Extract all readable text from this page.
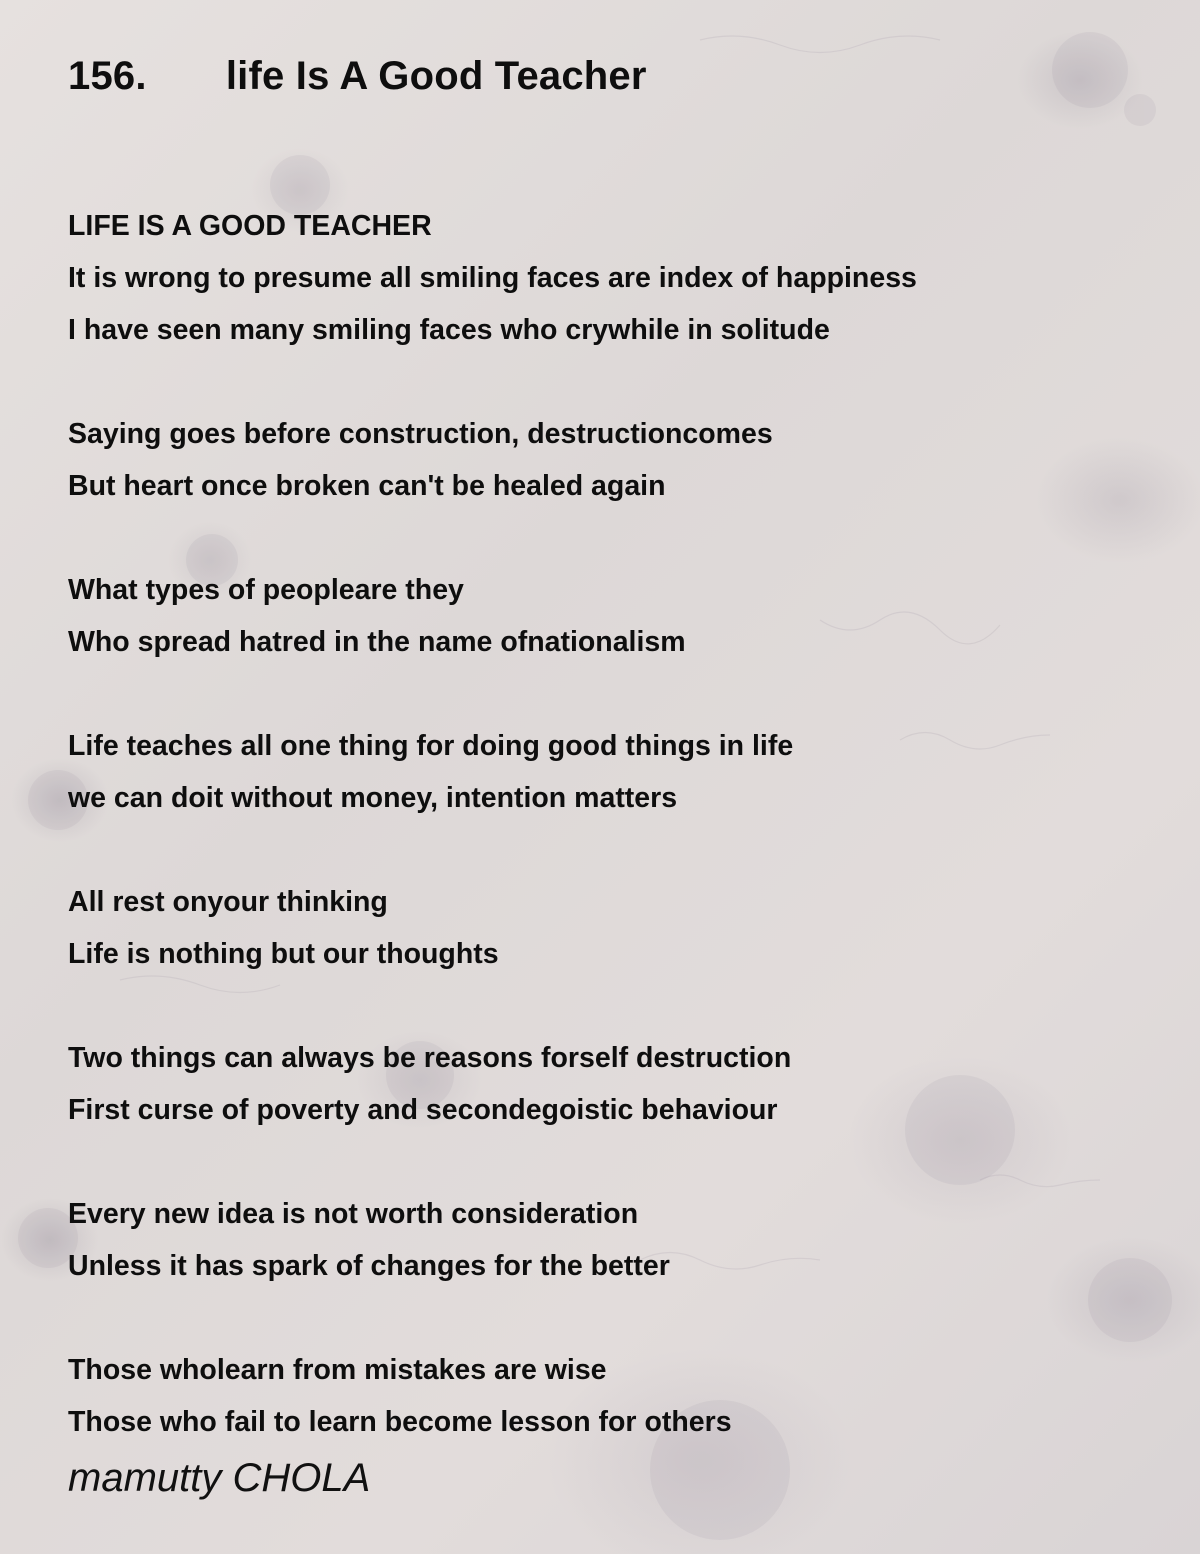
156.       life Is A Good Teacher
LIFE IS A GOOD TEACHER
It is wrong to presume all smiling faces are index of happiness
I have seen many smiling faces who crywhile in solitude
Saying goes before construction, destructioncomes
But heart once broken can't be healed again
What types of peopleare they
Who spread hatred in the name ofnationalism
Life teaches all one thing for doing good things in life
we can doit without money, intention matters
All rest onyour thinking
Life is nothing but our thoughts
Two things can always be reasons forself destruction
First curse of poverty and secondegoistic behaviour
Every new idea is not worth consideration
Unless it has spark of changes for the better
Those wholearn from mistakes are wise
Those who fail to learn become lesson for others
mamutty CHOLA
